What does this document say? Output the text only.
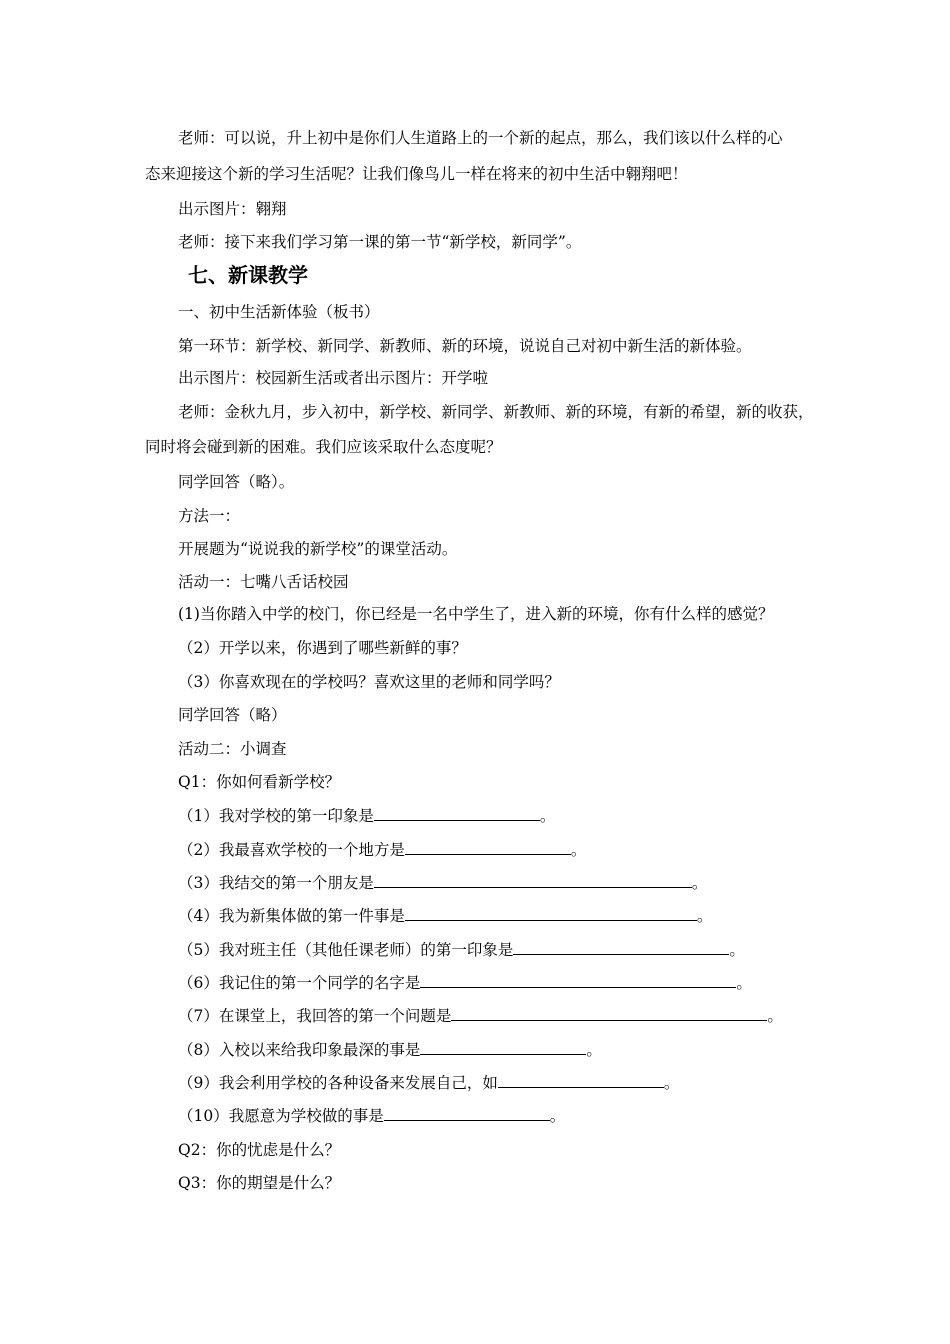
老师：可以说，升上初中是你们人生道路上的一个新的起点，那么，我们该以什么样的心
态来迎接这个新的学习生活呢？让我们像鸟儿一样在将来的初中生活中翱翔吧！
出示图片：翱翔
老师：接下来我们学习第一课的第一节“新学校，新同学”。
七、新课教学
一、初中生活新体验（板书）
第一环节：新学校、新同学、新教师、新的环境，说说自己对初中新生活的新体验。
出示图片：校园新生活或者出示图片：开学啦
老师：金秋九月，步入初中，新学校、新同学、新教师、新的环境，有新的希望，新的收获，
同时将会碰到新的困难。我们应该采取什么态度呢？
同学回答（略）。
方法一：
开展题为“说说我的新学校”的课堂活动。
活动一：七嘴八舌话校园
(1)当你踏入中学的校门，你已经是一名中学生了，进入新的环境，你有什么样的感觉？
（2）开学以来，你遇到了哪些新鲜的事？
（3）你喜欢现在的学校吗？喜欢这里的老师和同学吗？
同学回答（略）
活动二：小调查
Q1：你如何看新学校？
（1）我对学校的第一印象是	。
（2）我最喜欢学校的一个地方是	。
（3）我结交的第一个朋友是	。
（4）我为新集体做的第一件事是	。
（5）我对班主任（其他任课老师）的第一印象是	。
（6）我记住的第一个同学的名字是	。
（7）在课堂上，我回答的第一个问题是	。
（8）入校以来给我印象最深的事是	。
（9）我会利用学校的各种设备来发展自己，如	。
（10）我愿意为学校做的事是	。
Q2：你的忧虑是什么？
Q3：你的期望是什么？
